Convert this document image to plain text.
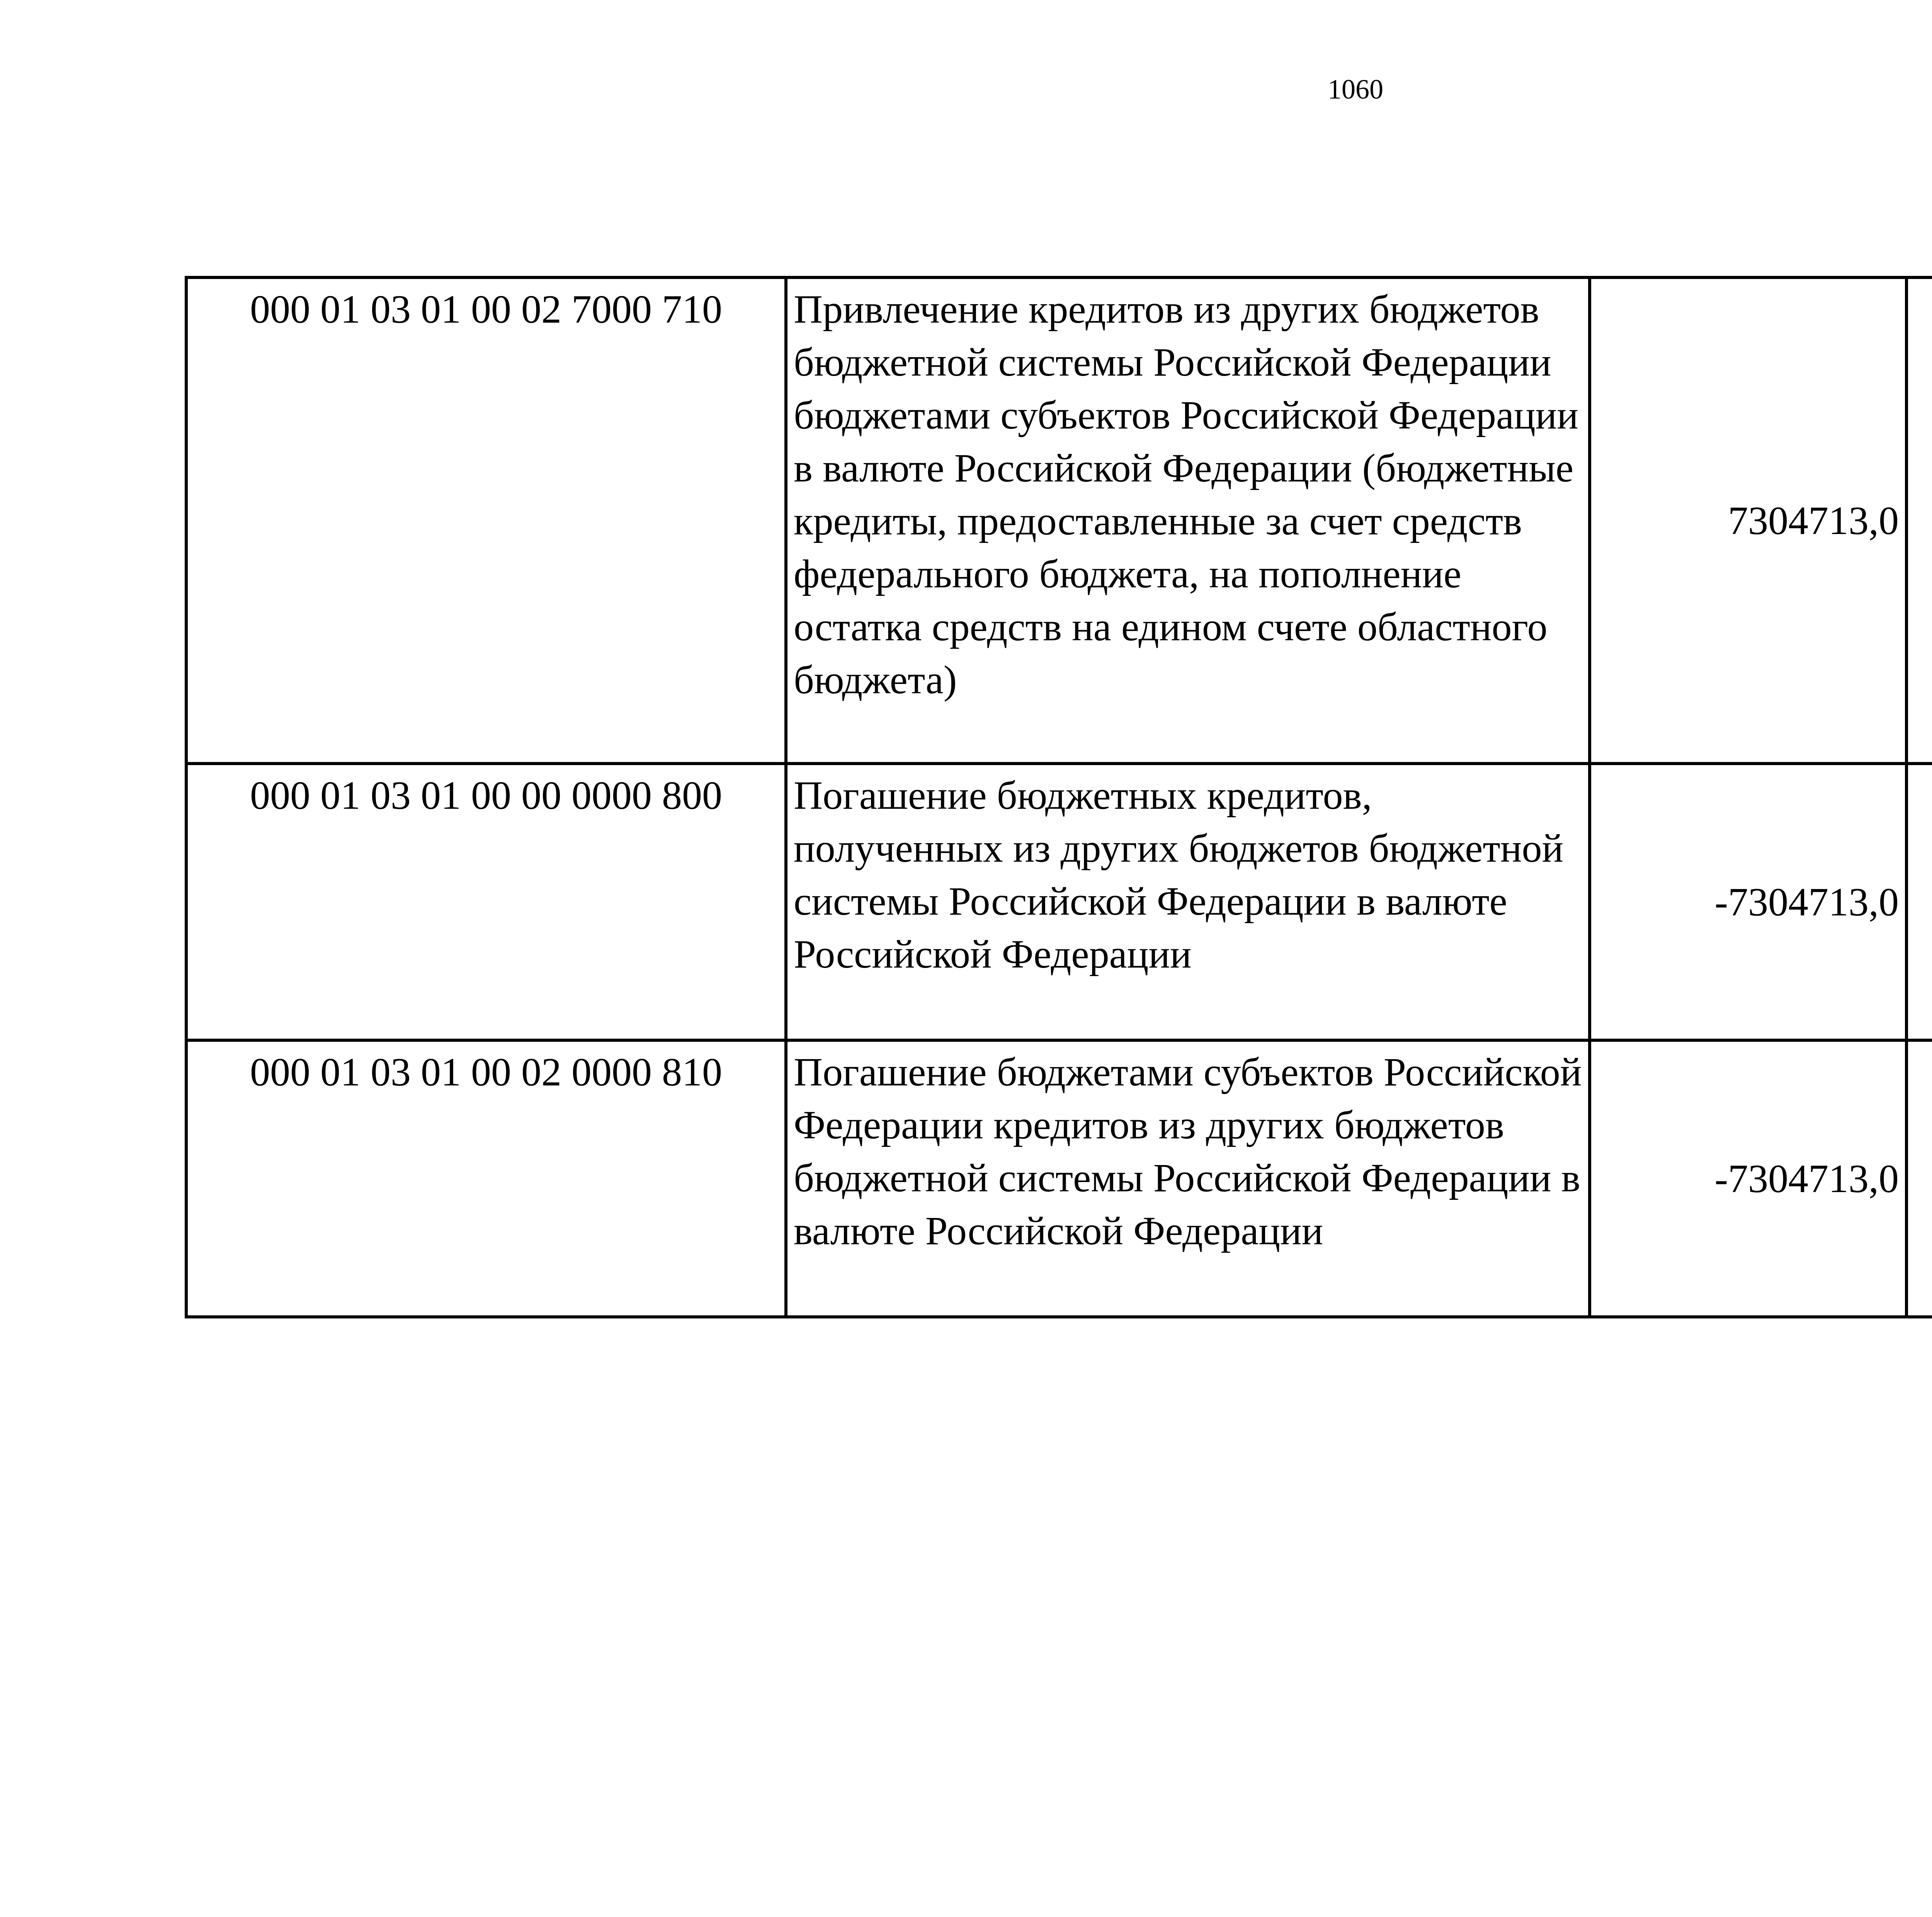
1060
000 01 03 01 00 02 7000 710	Привлечение кредитов из других бюджетов бюджетной системы Российской Федерации бюджетами субъектов Российской Федерации в валюте Российской Федерации (бюджетные кредиты, предоставленные за счет средств федерального бюджета, на пополнение остатка средств на едином счете областного бюджета)	7304713,0		
000 01 03 01 00 00 0000 800	Погашение бюджетных кредитов, полученных из других бюджетов бюджетной системы Российской Федерации в валюте Российской Федерации	-7304713,0		
000 01 03 01 00 02 0000 810	Погашение бюджетами субъектов Российской Федерации кредитов из других бюджетов бюджетной системы Российской Федерации в валюте Российской Федерации	-7304713,0		
